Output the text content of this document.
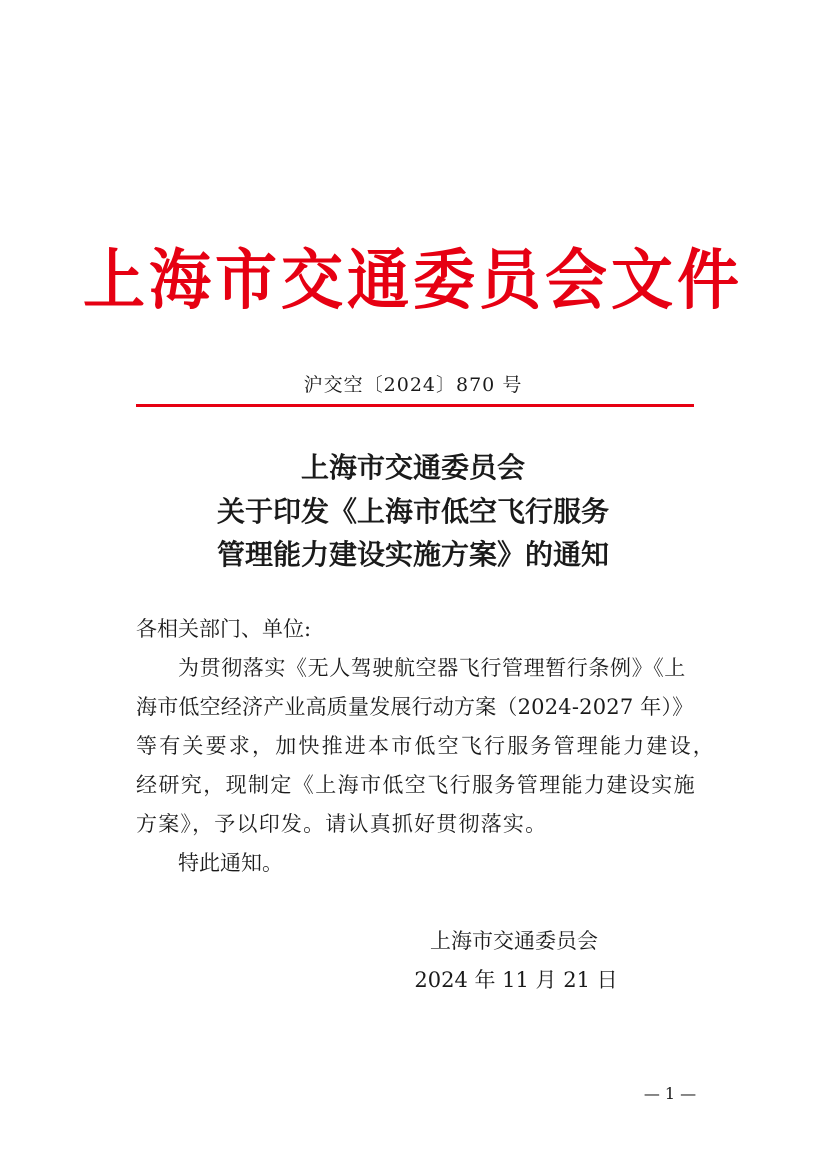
上海市交通委员会文件
沪交空〔2024〕870 号
上海市交通委员会
关于印发《上海市低空飞行服务
管理能力建设实施方案》的通知
各相关部门、单位:
为贯彻落实《无人驾驶航空器飞行管理暂行条例》《上
海市低空经济产业高质量发展行动方案（2024-2027 年）》
等有关要求，加快推进本市低空飞行服务管理能力建设，
经研究，现制定《上海市低空飞行服务管理能力建设实施
方案》，予以印发。请认真抓好贯彻落实。
特此通知。
上海市交通委员会
2024 年 11 月 21 日
— 1 —
